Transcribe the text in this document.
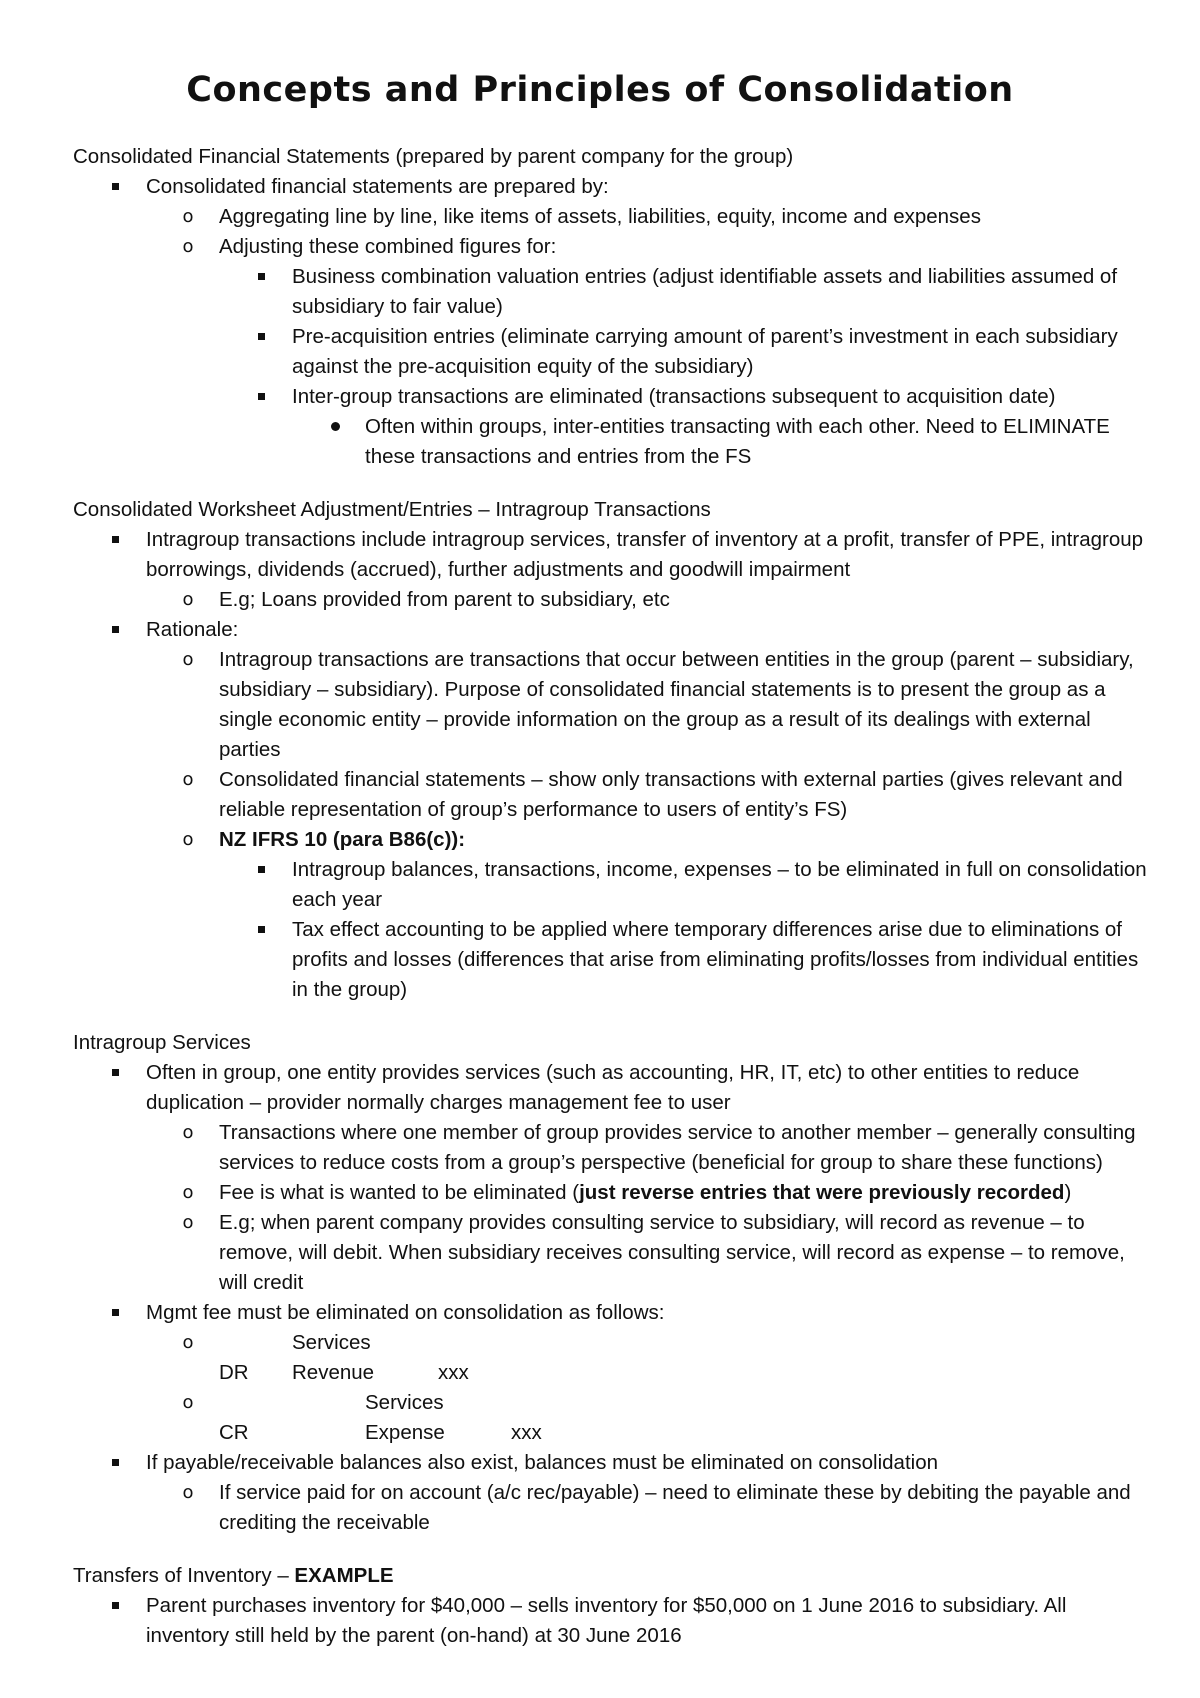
Concepts and Principles of Consolidation

Consolidated Financial Statements (prepared by parent company for the group)

Consolidated financial statements are prepared by:
o Aggregating line by line, like items of assets, liabilities, equity, income and expenses
o Adjusting these combined figures for:
Business combination valuation entries (adjust identifiable assets and liabilities assumed of subsidiary to fair value)
Pre-acquisition entries (eliminate carrying amount of parent’s investment in each subsidiary against the pre-acquisition equity of the subsidiary)
Inter-group transactions are eliminated (transactions subsequent to acquisition date)
Often within groups, inter-entities transacting with each other. Need to ELIMINATE these transactions and entries from the FS

Consolidated Worksheet Adjustment/Entries – Intragroup Transactions

Intragroup transactions include intragroup services, transfer of inventory at a profit, transfer of PPE, intragroup borrowings, dividends (accrued), further adjustments and goodwill impairment
o E.g; Loans provided from parent to subsidiary, etc
Rationale:
o Intragroup transactions are transactions that occur between entities in the group (parent – subsidiary, subsidiary – subsidiary). Purpose of consolidated financial statements is to present the group as a single economic entity – provide information on the group as a result of its dealings with external parties
o Consolidated financial statements – show only transactions with external parties (gives relevant and reliable representation of group’s performance to users of entity’s FS)
o NZ IFRS 10 (para B86(c)):
Intragroup balances, transactions, income, expenses – to be eliminated in full on consolidation each year
Tax effect accounting to be applied where temporary differences arise due to eliminations of profits and losses (differences that arise from eliminating profits/losses from individual entities in the group)

Intragroup Services

Often in group, one entity provides services (such as accounting, HR, IT, etc) to other entities to reduce duplication – provider normally charges management fee to user
o Transactions where one member of group provides service to another member – generally consulting services to reduce costs from a group’s perspective (beneficial for group to share these functions)
o Fee is what is wanted to be eliminated (just reverse entries that were previously recorded)
o E.g; when parent company provides consulting service to subsidiary, will record as revenue – to remove, will debit. When subsidiary receives consulting service, will record as expense – to remove, will credit
Mgmt fee must be eliminated on consolidation as follows:
o
DRServices Revenue	xxx
o
CRServices Expense	xxx
If payable/receivable balances also exist, balances must be eliminated on consolidation
o If service paid for on account (a/c rec/payable) – need to eliminate these by debiting the payable and crediting the receivable

Transfers of Inventory – EXAMPLE

Parent purchases inventory for $40,000 – sells inventory for $50,000 on 1 June 2016 to subsidiary. All inventory still held by the parent (on-hand) at 30 June 2016
